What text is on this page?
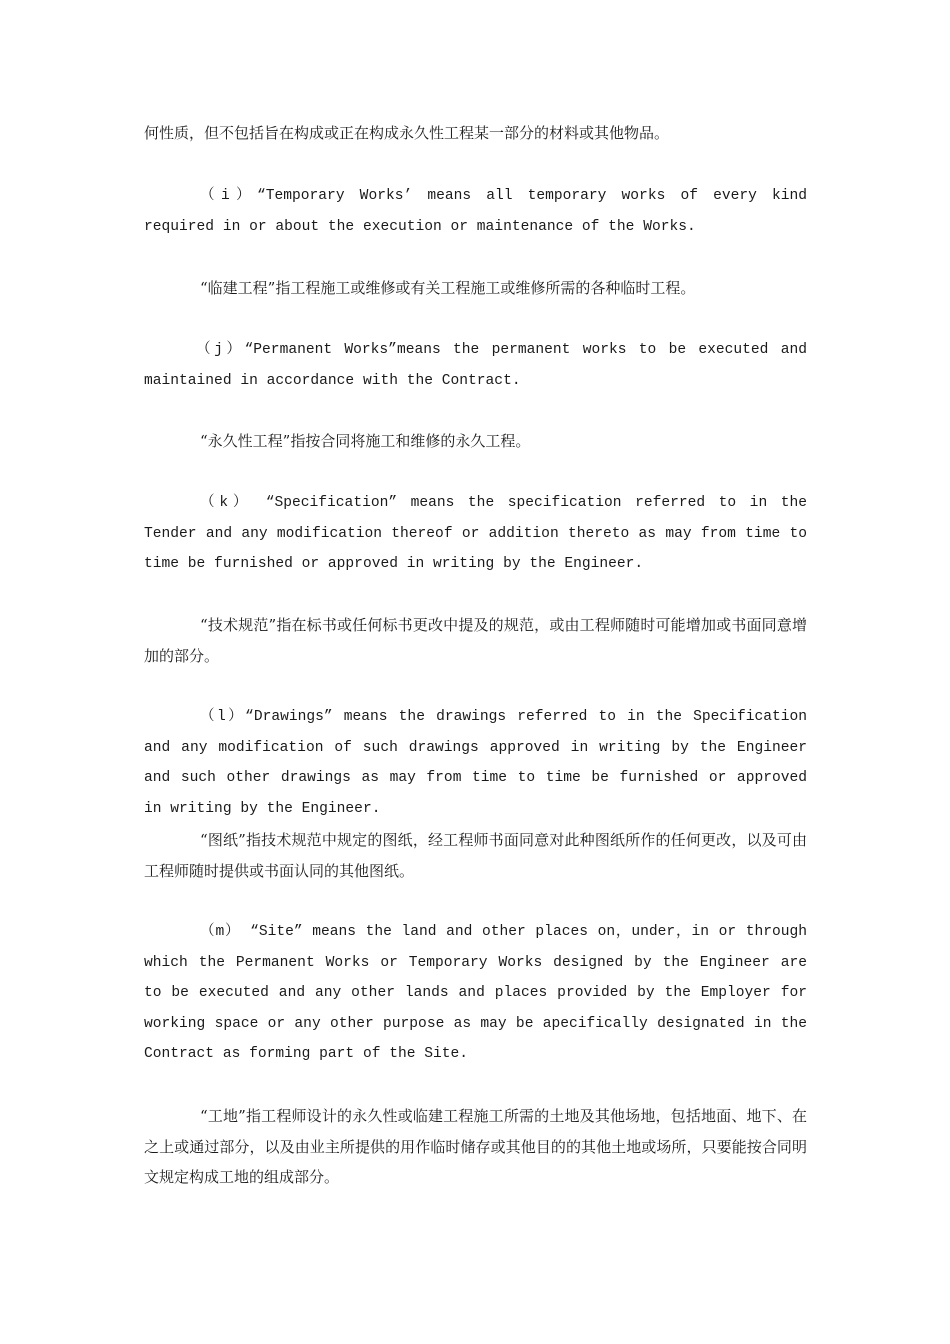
何性质，但不包括旨在构成或正在构成永久性工程某一部分的材料或其他物品。

（i）“Temporary Works’ means all temporary works of every kind required in or about the execution or maintenance of the Works.

“临建工程”指工程施工或维修或有关工程施工或维修所需的各种临时工程。

（j）“Permanent Works”means the permanent works to be executed and maintained in accordance with the Contract.

“永久性工程”指按合同将施工和维修的永久工程。

（k） “Specification” means the specification referred to in the Tender and any modification thereof or addition thereto as may from time to time be furnished or approved in writing by the Engineer.

“技术规范”指在标书或任何标书更改中提及的规范，或由工程师随时可能增加或书面同意增加的部分。

（l）“Drawings” means the drawings referred to in the Specification and any modification of such drawings approved in writing by the Engineer and such other drawings as may from time to time be furnished or approved in writing by the Engineer.

“图纸”指技术规范中规定的图纸，经工程师书面同意对此种图纸所作的任何更改，以及可由工程师随时提供或书面认同的其他图纸。

（m） “Site” means the land and other places on，under，in or through which the Permanent Works or Temporary Works designed by the Engineer are to be executed and any other lands and places provided by the Employer for working space or any other purpose as may be apecifically designated in the Contract as forming part of the Site.

“工地”指工程师设计的永久性或临建工程施工所需的土地及其他场地，包括地面、地下、在之上或通过部分，以及由业主所提供的用作临时储存或其他目的的其他土地或场所，只要能按合同明文规定构成工地的组成部分。
